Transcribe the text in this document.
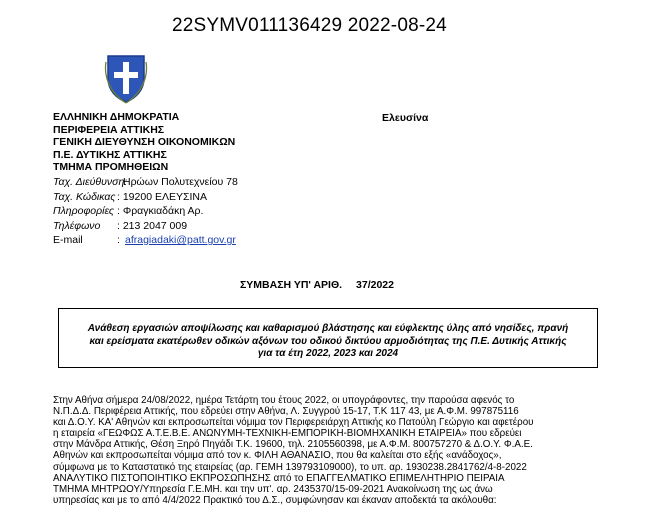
22SYMV011136429 2022-08-24
ΕΛΛΗΝΙΚΗ ΔΗΜΟΚΡΑΤΙΑ
ΠΕΡΙΦΕΡΕΙΑ ΑΤΤΙΚΗΣ
ΓΕΝΙΚΗ ΔΙΕΥΘΥΝΣΗ ΟΙΚΟΝΟΜΙΚΩΝ
Π.Ε. ΔΥΤΙΚΗΣ ΑΤΤΙΚΗΣ
ΤΜΗΜΑ ΠΡΟΜΗΘΕΙΩΝ
Ελευσίνα
Ταχ. Διεύθυνση:
Ηρώων Πολυτεχνείου 78
Ταχ. Κώδικας : 19200 ΕΛΕΥΣΙΝΑ
Πληροφορίες : Φραγκιαδάκη Αρ.
Τηλέφωνο	: 213 2047 009
E-mail	: afragiadaki@patt.gov.gr
ΣΥΜΒΑΣΗ ΥΠ' ΑΡΙΘ. 37/2022
Ανάθεση εργασιών αποψίλωσης και καθαρισμού βλάστησης και εύφλεκτης ύλης από νησίδες, πρανή
και ερείσματα εκατέρωθεν οδικών αξόνων του οδικού δικτύου αρμοδιότητας της Π.Ε. Δυτικής Αττικής
για τα έτη 2022, 2023 και 2024
Στην Αθήνα σήμερα 24/08/2022, ημέρα Τετάρτη του έτους 2022, οι υπογράφοντες, την παρούσα αφενός το
Ν.Π.Δ.Δ. Περιφέρεια Αττικής, που εδρεύει στην Αθήνα, Λ. Συγγρού 15-17, Τ.Κ 117 43, με Α.Φ.Μ. 997875116
και Δ.Ο.Υ. ΚΑ' Αθηνών και εκπροσωπείται νόμιμα τον Περιφερειάρχη Αττικής κο Πατούλη Γεώργιο και αφετέρου
η εταιρεία «ΓΕΩΦΩΣ Α.Τ.Ε.Β.Ε. ΑΝΩΝΥΜΗ-ΤΕΧΝΙΚΗ-ΕΜΠΟΡΙΚΗ-ΒΙΟΜΗΧΑΝΙΚΗ ΕΤΑΙΡΕΙΑ» που εδρεύει
στην Μάνδρα Αττικής, Θέση Ξηρό Πηγάδι Τ.Κ. 19600, τηλ. 2105560398, με Α.Φ.Μ. 800757270 & Δ.Ο.Υ. Φ.Α.Ε.
Αθηνών και εκπροσωπείται νόμιμα από τον κ. ΦΙΛΗ ΑΘΑΝΑΣΙΟ, που θα καλείται στο εξής «ανάδοχος»,
σύμφωνα με το Καταστατικό της εταιρείας (αρ. ΓΕΜΗ 139793109000), το υπ. αρ. 1930238.2841762/4-8-2022
ΑΝΑΛΥΤΙΚΟ ΠΙΣΤΟΠΟΙΗΤΙΚΟ ΕΚΠΡΟΣΩΠΗΣΗΣ από το ΕΠΑΓΓΕΛΜΑΤΙΚΟ ΕΠΙΜΕΛΗΤΗΡΙΟ ΠΕΙΡΑΙΑ
ΤΜΗΜΑ ΜΗΤΡΩΟΥ/Υπηρεσία Γ.Ε.ΜΗ. και την υπ'. αρ. 2435370/15-09-2021 Ανακοίνωση της ως άνω
υπηρεσίας και με το από 4/4/2022 Πρακτικό του Δ.Σ., συμφώνησαν και έκαναν αποδεκτά τα ακόλουθα:
